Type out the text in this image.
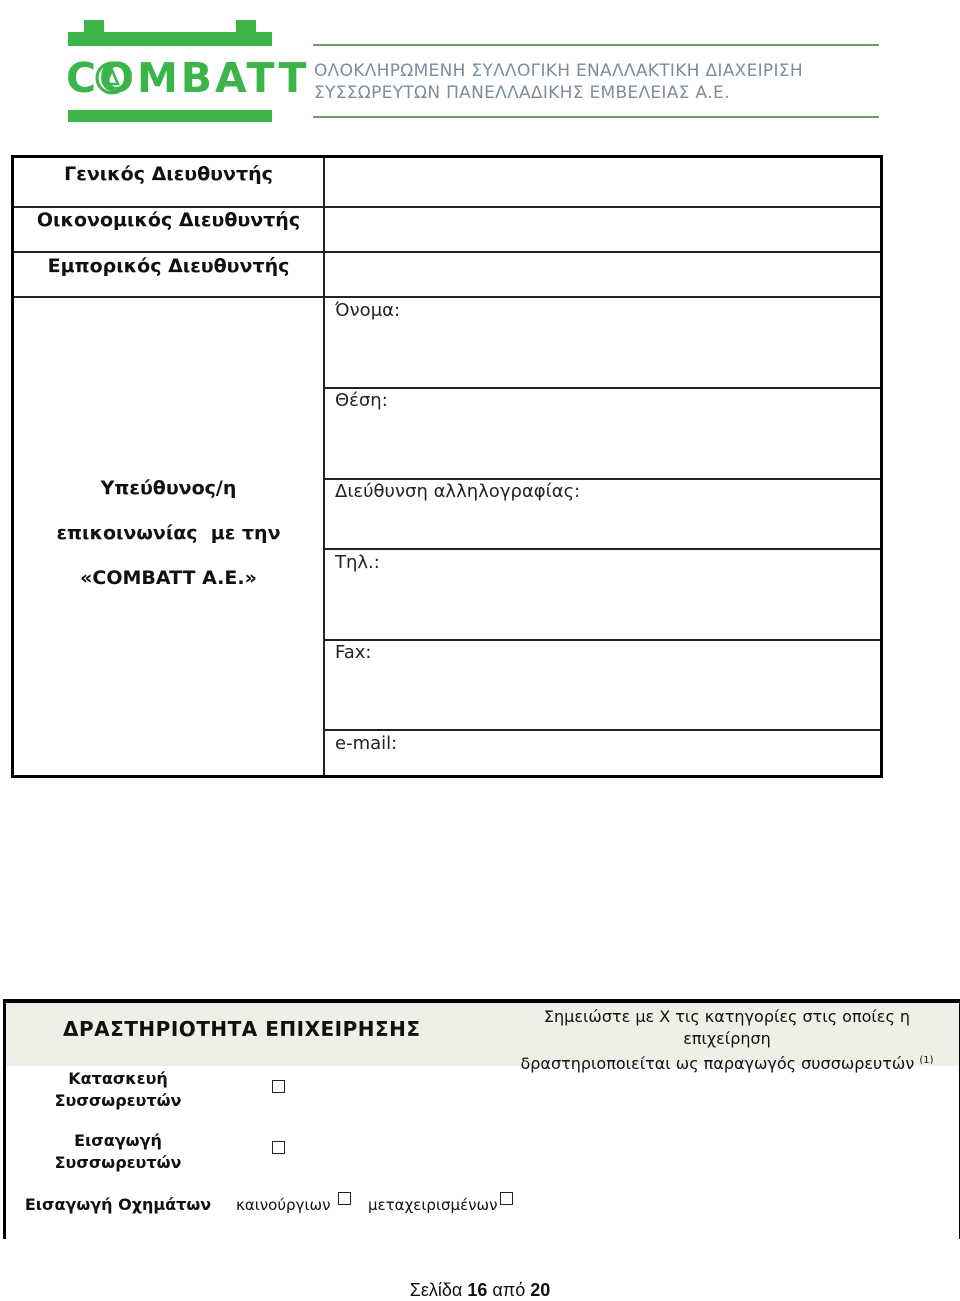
COMBATT ΟΛΟΚΛΗΡΩΜΕΝΗ ΣΥΛΛΟΓΙΚΗ ΕΝΑΛΛΑΚΤΙΚΗ ΔΙΑΧΕΙΡΙΣΗ
ΣΥΣΣΩΡΕΥΤΩΝ ΠΑΝΕΛΛΑΔΙΚΗΣ ΕΜΒΕΛΕΙΑΣ Α.Ε.
Γενικός Διευθυντής
Οικονομικός Διευθυντής
Εμπορικός Διευθυντής
Υπεύθυνος/η
επικοινωνίας  με την
«COMBATT A.E.»
Όνομα:
Θέση:
Διεύθυνση αλληλογραφίας:
Τηλ.:
Fax:
e-mail:
ΔΡΑΣΤΗΡΙΟΤΗΤΑ ΕΠΙΧΕΙΡΗΣΗΣ
Σημειώστε με Χ τις κατηγορίες στις οποίες η επιχείρηση
δραστηριοποιείται ως παραγωγός συσσωρευτών $^{(1)}$
Κατασκευή
Συσσωρευτών
Εισαγωγή
Συσσωρευτών
Εισαγωγή Οχημάτων	καινούργιων	μεταχειρισμένων
Σελίδα 16 από 20
